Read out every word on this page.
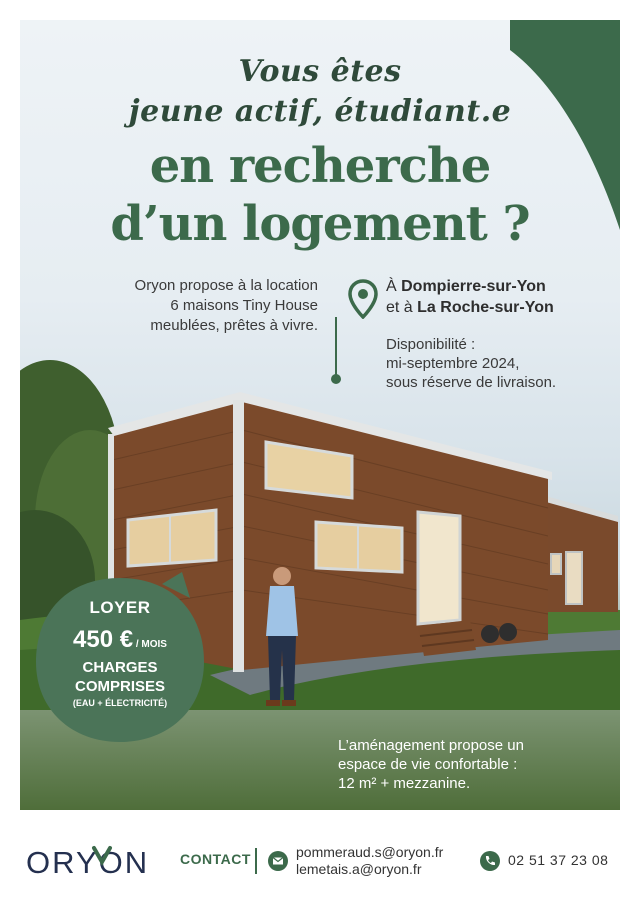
Vous êtes
jeune actif, étudiant.e
en recherche
d’un logement ?
Oryon propose à la location
6 maisons Tiny House
meublées, prêtes à vivre.
À Dompierre-sur-Yon
et à La Roche-sur-Yon
Disponibilité :
mi-septembre 2024,
sous réserve de livraison.
L’aménagement propose un
espace de vie confortable :
12 m² + mezzanine.
LOYER
450 € / MOIS
CHARGES
COMPRISES
(EAU + ÉLECTRICITÉ)
ORYON CONTACT	pommeraud.s@oryon.fr
lemetais.a@oryon.fr
02 51 37 23 08
